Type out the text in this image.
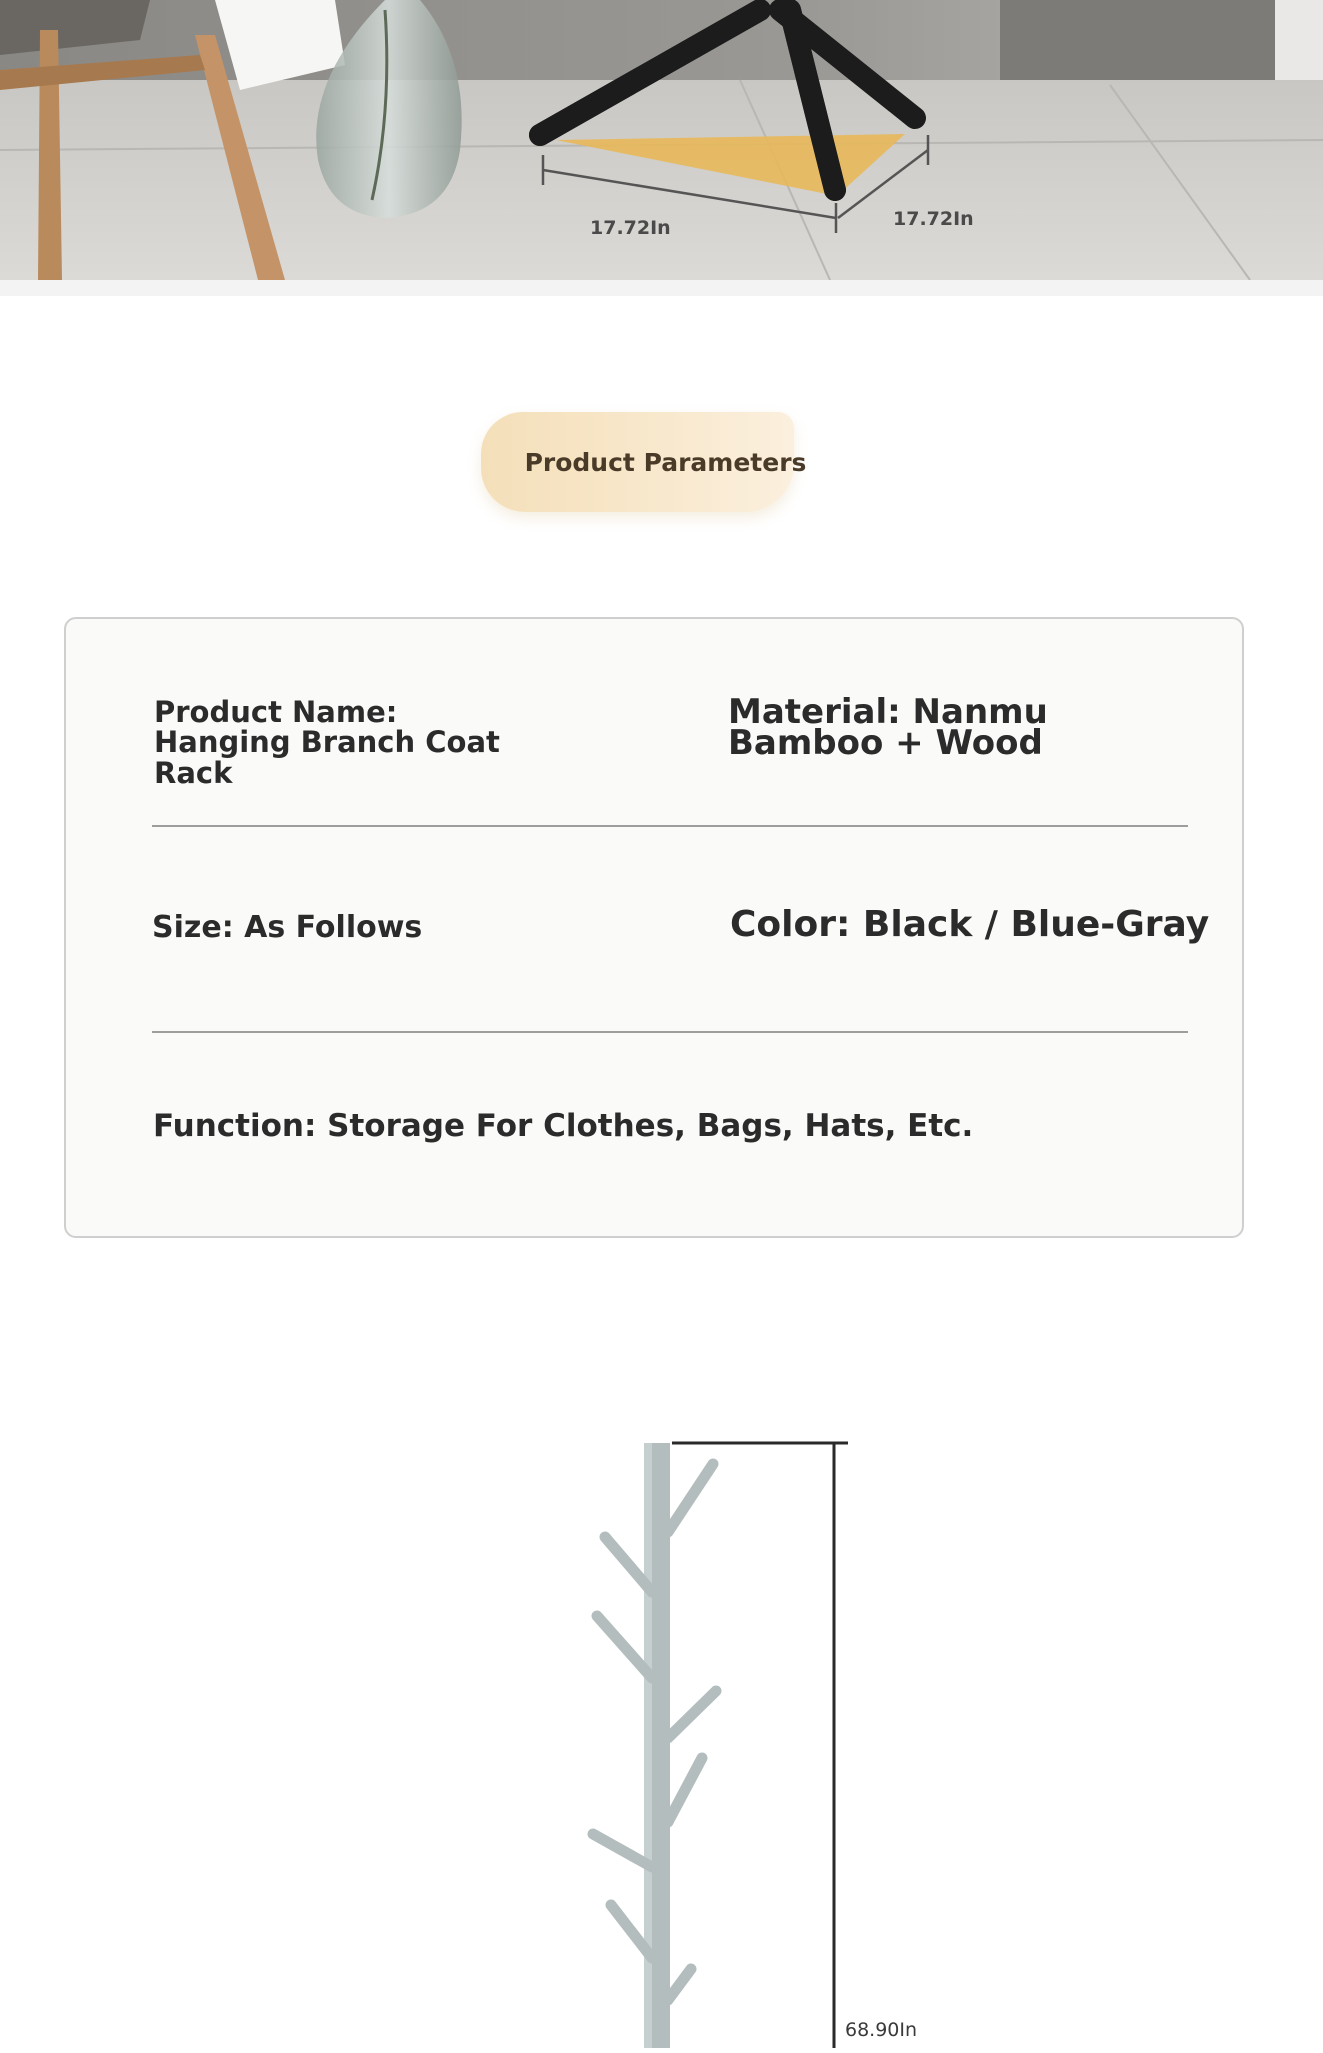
17.72In	17.72In
Product Parameters
Product Name: Hanging Branch Coat Rack
Material: Nanmu Bamboo + Wood
Size: As Follows	Color: Black / Blue-Gray
Function: Storage For Clothes, Bags, Hats, Etc.
68.90In
